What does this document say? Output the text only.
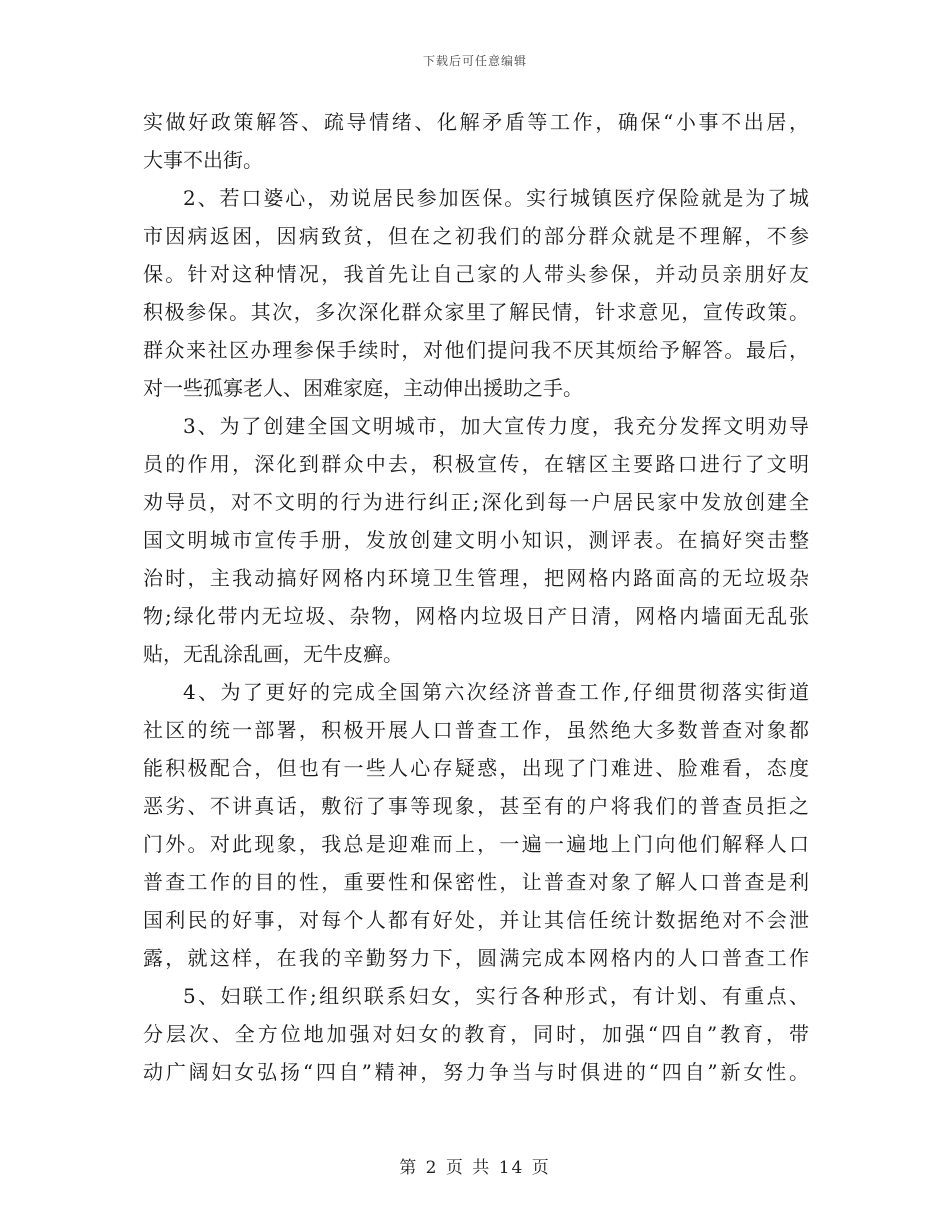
下载后可任意编辑
实做好政策解答、疏导情绪、化解矛盾等工作，确保“小事不出居，
大事不出街。
2、若口婆心，劝说居民参加医保。实行城镇医疗保险就是为了城
市因病返困，因病致贫，但在之初我们的部分群众就是不理解，不参
保。针对这种情况，我首先让自己家的人带头参保，并动员亲朋好友
积极参保。其次，多次深化群众家里了解民情，针求意见，宣传政策。
群众来社区办理参保手续时，对他们提问我不厌其烦给予解答。最后，
对一些孤寡老人、困难家庭，主动伸出援助之手。
3、为了创建全国文明城市，加大宣传力度，我充分发挥文明劝导
员的作用，深化到群众中去，积极宣传，在辖区主要路口进行了文明
劝导员，对不文明的行为进行纠正;深化到每一户居民家中发放创建全
国文明城市宣传手册，发放创建文明小知识，测评表。在搞好突击整
治时，主我动搞好网格内环境卫生管理，把网格内路面高的无垃圾杂
物;绿化带内无垃圾、杂物，网格内垃圾日产日清，网格内墙面无乱张
贴，无乱涂乱画，无牛皮癣。
4、为了更好的完成全国第六次经济普查工作,仔细贯彻落实街道
社区的统一部署，积极开展人口普查工作，虽然绝大多数普查对象都
能积极配合，但也有一些人心存疑惑，出现了门难进、脸难看，态度
恶劣、不讲真话，敷衍了事等现象，甚至有的户将我们的普查员拒之
门外。对此现象，我总是迎难而上，一遍一遍地上门向他们解释人口
普查工作的目的性，重要性和保密性，让普查对象了解人口普查是利
国利民的好事，对每个人都有好处，并让其信任统计数据绝对不会泄
露，就这样，在我的辛勤努力下，圆满完成本网格内的人口普查工作
5、妇联工作;组织联系妇女，实行各种形式，有计划、有重点、
分层次、全方位地加强对妇女的教育，同时，加强“四自”教育，带
动广阔妇女弘扬“四自”精神，努力争当与时俱进的“四自”新女性。
第 2 页 共 14 页
